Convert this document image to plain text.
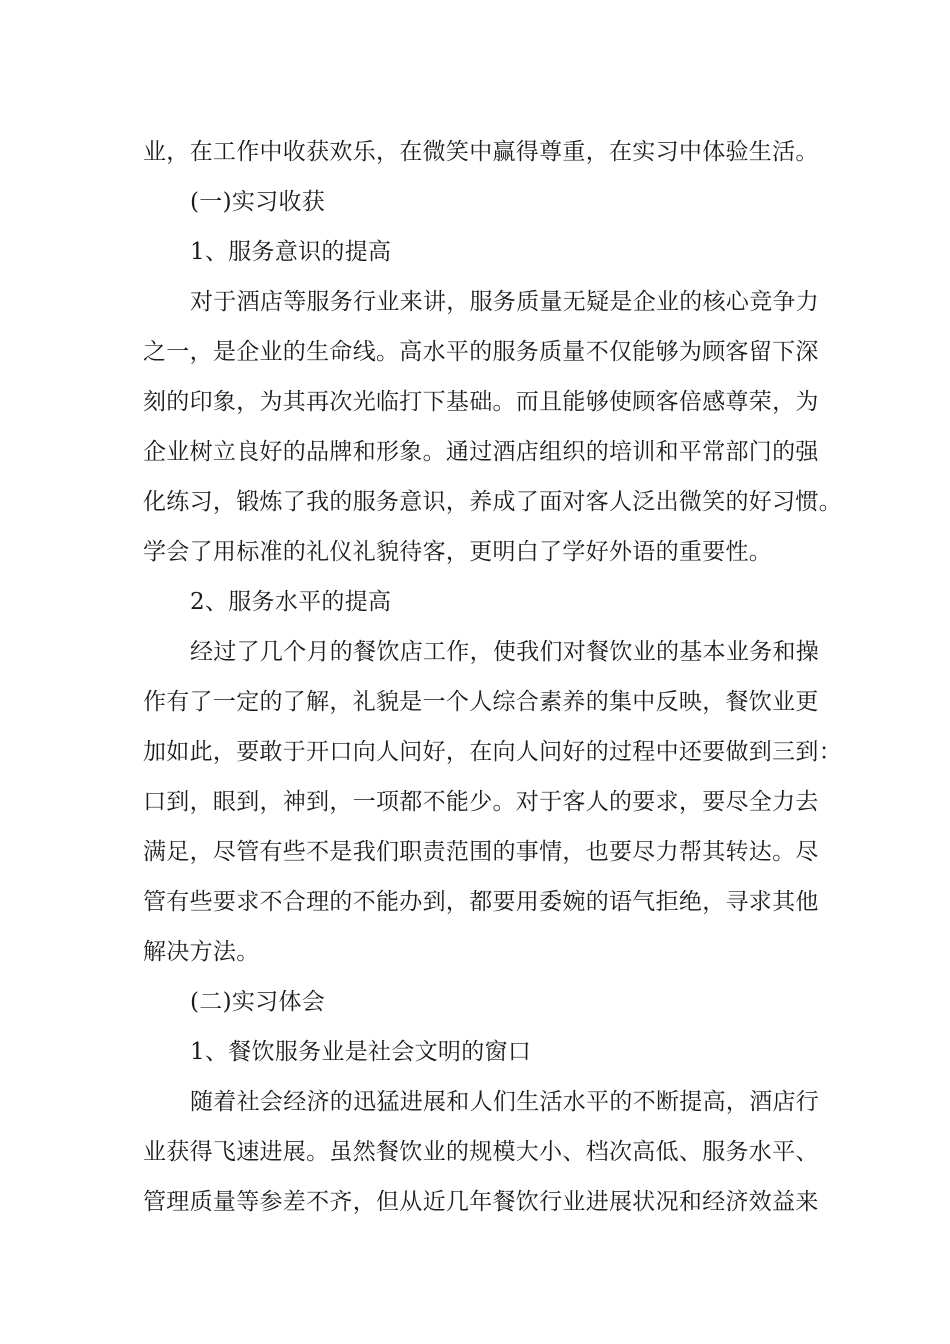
业，在工作中收获欢乐，在微笑中赢得尊重，在实习中体验生活。

(一)实习收获

1、服务意识的提高

对于酒店等服务行业来讲，服务质量无疑是企业的核心竞争力

之一，是企业的生命线。高水平的服务质量不仅能够为顾客留下深

刻的印象，为其再次光临打下基础。而且能够使顾客倍感尊荣，为

企业树立良好的品牌和形象。通过酒店组织的培训和平常部门的强

化练习，锻炼了我的服务意识，养成了面对客人泛出微笑的好习惯。

学会了用标准的礼仪礼貌待客，更明白了学好外语的重要性。

2、服务水平的提高

经过了几个月的餐饮店工作，使我们对餐饮业的基本业务和操

作有了一定的了解，礼貌是一个人综合素养的集中反映，餐饮业更

加如此，要敢于开口向人问好，在向人问好的过程中还要做到三到：

口到，眼到，神到，一项都不能少。对于客人的要求，要尽全力去

满足，尽管有些不是我们职责范围的事情，也要尽力帮其转达。尽

管有些要求不合理的不能办到，都要用委婉的语气拒绝，寻求其他

解决方法。

(二)实习体会

1、餐饮服务业是社会文明的窗口

随着社会经济的迅猛进展和人们生活水平的不断提高，酒店行

业获得飞速进展。虽然餐饮业的规模大小、档次高低、服务水平、

管理质量等参差不齐，但从近几年餐饮行业进展状况和经济效益来
